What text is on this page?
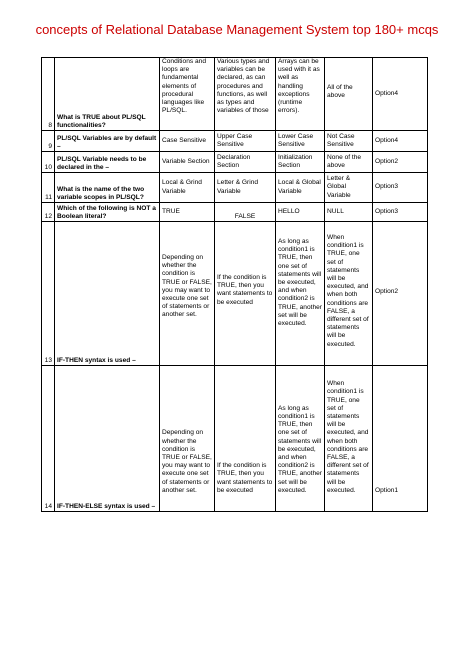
concepts of Relational Database Management System top 180+ mcqs
8	What is TRUE about PL/SQL functionalities?	Conditions and loops are fundamental elements of procedural languages like PL/SQL.	Various types and variables can be declared, as can procedures and functions, as well as types and variables of those	Arrays can be used with it as well as handling exceptions (runtime errors).	All of the above	Option4
9	PL/SQL Variables are by default –	Case Sensitive	Upper Case Sensitive	Lower Case Sensitive	Not Case Sensitive	Option4
10	PL/SQL Variable needs to be declared in the –	Variable Section	Declaration Section	Initialization Section	None of the above	Option2
11	What is the name of the two variable scopes in PL/SQL?	Local & Grind Variable	Letter & Grind Variable	Local & Global Variable	Letter & Global Variable	Option3
12	Which of the following is NOT a Boolean literal?	TRUE	FALSE	HELLO	NULL	Option3
13	IF-THEN syntax is used –	Depending on whether the condition is TRUE or FALSE, you may want to execute one set of statements or another set.	If the condition is TRUE, then you want statements to be executed	As long as condition1 is TRUE, then one set of statements will be executed, and when condition2 is TRUE, another set will be executed.	When condition1 is TRUE, one set of statements will be executed, and when both conditions are FALSE, a different set of statements will be executed.	Option2
14	IF-THEN-ELSE syntax is used –	Depending on whether the condition is TRUE or FALSE, you may want to execute one set of statements or another set.	If the condition is TRUE, then you want statements to be executed	As long as condition1 is TRUE, then one set of statements will be executed, and when condition2 is TRUE, another set will be executed.	When condition1 is TRUE, one set of statements will be executed, and when both conditions are FALSE, a different set of statements will be executed.	Option1
